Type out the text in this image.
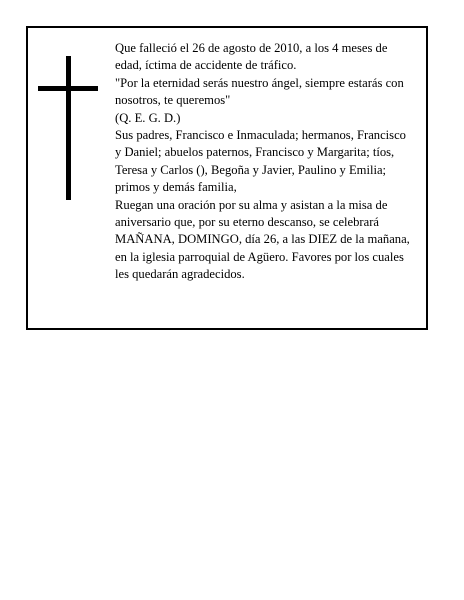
Que falleció el 26 de agosto de 2010, a los 4 meses de edad, íctima de accidente de tráfico.

"Por la eternidad serás nuestro ángel, siempre estarás con nosotros, te queremos"

(Q. E. G. D.)

Sus padres, Francisco e Inmaculada; hermanos, Francisco y Daniel; abuelos paternos, Francisco y Margarita; tíos, Teresa y Carlos (), Begoña y Javier, Paulino y Emilia; primos y demás familia,

Ruegan una oración por su alma y asistan a la misa de aniversario que, por su eterno descanso, se celebrará MAÑANA, DOMINGO, día 26, a las DIEZ de la mañana, en la iglesia parroquial de Agüero. Favores por los cuales les quedarán agradecidos.
